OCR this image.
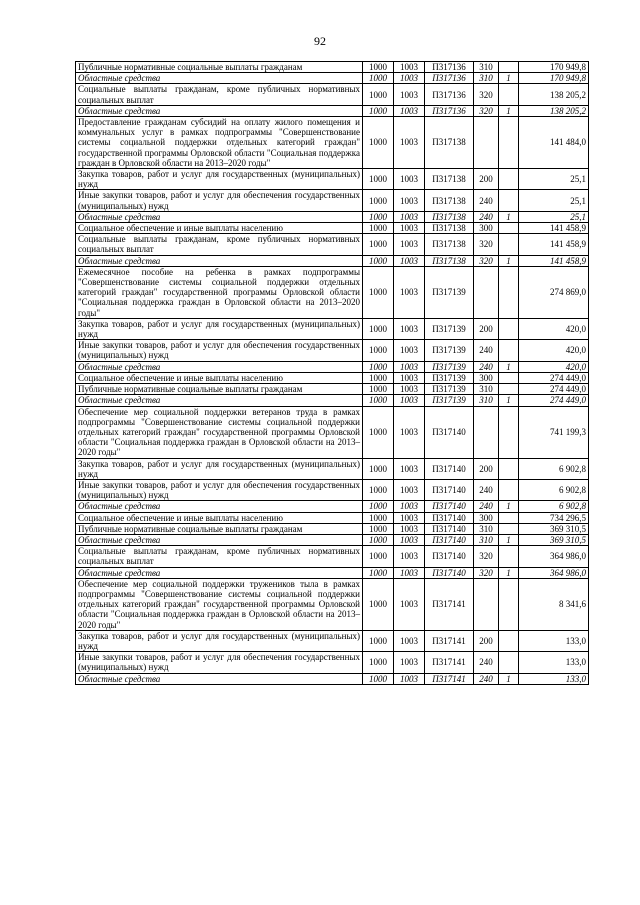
92
Публичные нормативные социальные выплаты гражданам	1000	1003	П317136	310		170 949,8
Областные средства	1000	1003	П317136	310	1	170 949,8
Социальные выплаты гражданам, кроме публичных нормативных социальных выплат	1000	1003	П317136	320		138 205,2
Областные средства	1000	1003	П317136	320	1	138 205,2
Предоставление гражданам субсидий на оплату жилого помещения и коммунальных услуг в рамках подпрограммы "Совершенствование системы социальной поддержки отдельных категорий граждан" государственной программы Орловской области "Социальная поддержка граждан в Орловской области на 2013–2020 годы"	1000	1003	П317138			141 484,0
Закупка товаров, работ и услуг для государственных (муниципальных) нужд	1000	1003	П317138	200		25,1
Иные закупки товаров, работ и услуг для обеспечения государственных (муниципальных) нужд	1000	1003	П317138	240		25,1
Областные средства	1000	1003	П317138	240	1	25,1
Социальное обеспечение и иные выплаты населению	1000	1003	П317138	300		141 458,9
Социальные выплаты гражданам, кроме публичных нормативных социальных выплат	1000	1003	П317138	320		141 458,9
Областные средства	1000	1003	П317138	320	1	141 458,9
Ежемесячное пособие на ребенка в рамках подпрограммы "Совершенствование системы социальной поддержки отдельных категорий граждан" государственной программы Орловской области "Социальная поддержка граждан в Орловской области на 2013–2020 годы"	1000	1003	П317139			274 869,0
Закупка товаров, работ и услуг для государственных (муниципальных) нужд	1000	1003	П317139	200		420,0
Иные закупки товаров, работ и услуг для обеспечения государственных (муниципальных) нужд	1000	1003	П317139	240		420,0
Областные средства	1000	1003	П317139	240	1	420,0
Социальное обеспечение и иные выплаты населению	1000	1003	П317139	300		274 449,0
Публичные нормативные социальные выплаты гражданам	1000	1003	П317139	310		274 449,0
Областные средства	1000	1003	П317139	310	1	274 449,0
Обеспечение мер социальной поддержки ветеранов труда в рамках подпрограммы "Совершенствование системы социальной поддержки отдельных категорий граждан" государственной программы Орловской области "Социальная поддержка граждан в Орловской области на 2013–2020 годы"	1000	1003	П317140			741 199,3
Закупка товаров, работ и услуг для государственных (муниципальных) нужд	1000	1003	П317140	200		6 902,8
Иные закупки товаров, работ и услуг для обеспечения государственных (муниципальных) нужд	1000	1003	П317140	240		6 902,8
Областные средства	1000	1003	П317140	240	1	6 902,8
Социальное обеспечение и иные выплаты населению	1000	1003	П317140	300		734 296,5
Публичные нормативные социальные выплаты гражданам	1000	1003	П317140	310		369 310,5
Областные средства	1000	1003	П317140	310	1	369 310,5
Социальные выплаты гражданам, кроме публичных нормативных социальных выплат	1000	1003	П317140	320		364 986,0
Областные средства	1000	1003	П317140	320	1	364 986,0
Обеспечение мер социальной поддержки тружеников тыла в рамках подпрограммы "Совершенствование системы социальной поддержки отдельных категорий граждан" государственной программы Орловской области "Социальная поддержка граждан в Орловской области на 2013–2020 годы"	1000	1003	П317141			8 341,6
Закупка товаров, работ и услуг для государственных (муниципальных) нужд	1000	1003	П317141	200		133,0
Иные закупки товаров, работ и услуг для обеспечения государственных (муниципальных) нужд	1000	1003	П317141	240		133,0
Областные средства	1000	1003	П317141	240	1	133,0
